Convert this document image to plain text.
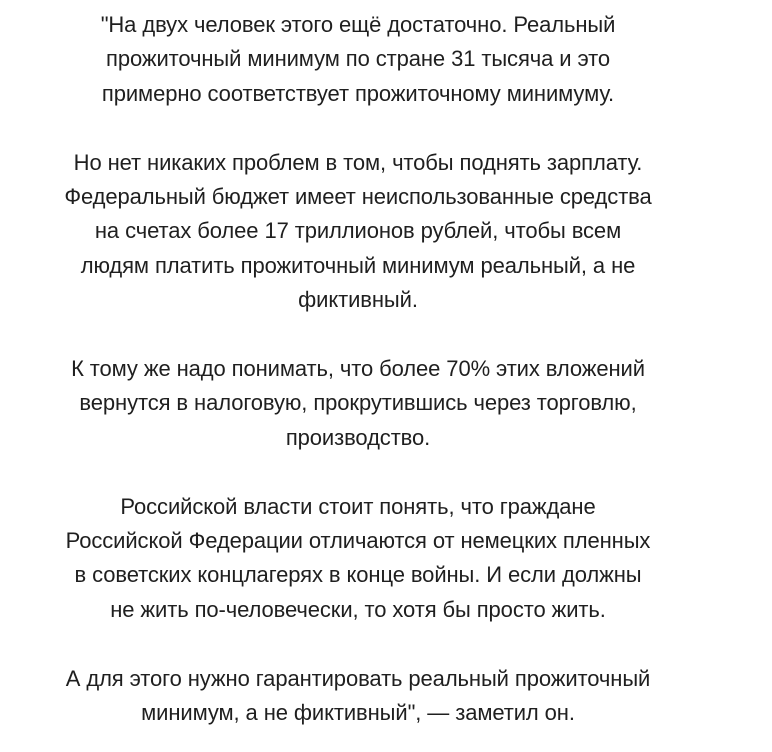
"На двух человек этого ещё достаточно. Реальный
прожиточный минимум по стране 31 тысяча и это
примерно соответствует прожиточному минимуму.

Но нет никаких проблем в том, чтобы поднять зарплату.
Федеральный бюджет имеет неиспользованные средства
на счетах более 17 триллионов рублей, чтобы всем
людям платить прожиточный минимум реальный, а не
фиктивный.

К тому же надо понимать, что более 70% этих вложений
вернутся в налоговую, прокрутившись через торговлю,
производство.

Российской власти стоит понять, что граждане
Российской Федерации отличаются от немецких пленных
в советских концлагерях в конце войны. И если должны
не жить по-человечески, то хотя бы просто жить.

А для этого нужно гарантировать реальный прожиточный
минимум, а не фиктивный", — заметил он.
